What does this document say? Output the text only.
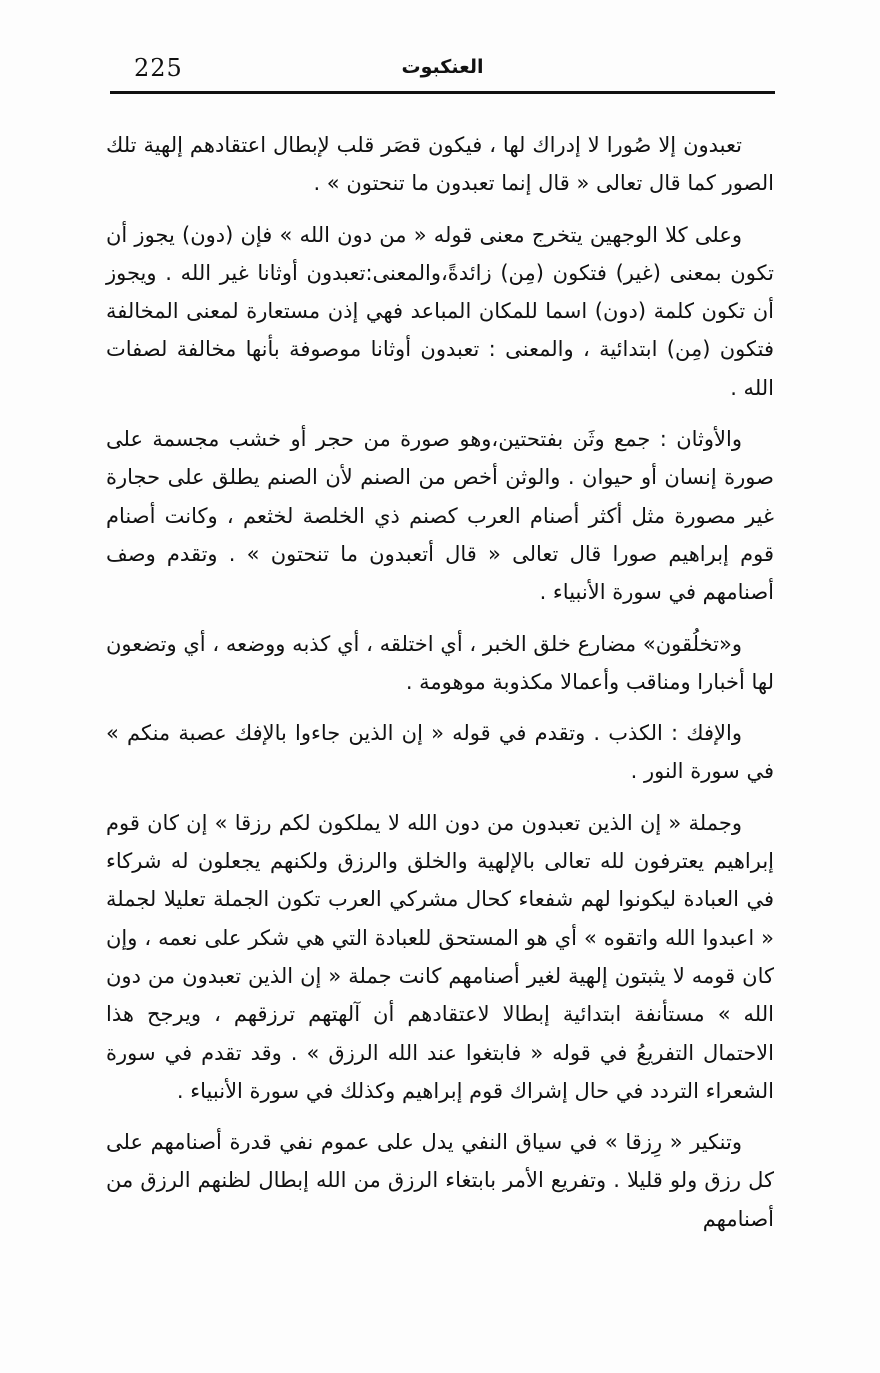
225	العنكبوت

تعبدون إلا صُورا لا إدراك لها ، فيكون قصَر قلب لإبطال اعتقادهم إلهية تلك الصور كما قال تعالى « قال إنما تعبدون ما تنحتون » .

وعلى كلا الوجهين يتخرج معنى قوله « من دون الله » فإن (دون) يجوز أن تكون بمعنى (غير) فتكون (مِن) زائدةً،والمعنى:تعبدون أوثانا غير الله . ويجوز أن تكون كلمة (دون) اسما للمكان المباعد فهي إذن مستعارة لمعنى المخالفة فتكون (مِن) ابتدائية ، والمعنى : تعبدون أوثانا موصوفة بأنها مخالفة لصفات الله .

والأوثان : جمع وثَن بفتحتين،وهو صورة من حجر أو خشب مجسمة على صورة إنسان أو حيوان . والوثن أخص من الصنم لأن الصنم يطلق على حجارة غير مصورة مثل أكثر أصنام العرب كصنم ذي الخلصة لخثعم ، وكانت أصنام قوم إبراهيم صورا قال تعالى « قال أتعبدون ما تنحتون » . وتقدم وصف أصنامهم في سورة الأنبياء .

و«تخلُقون» مضارع خلق الخبر ، أي اختلقه ، أي كذبه ووضعه ، أي وتضعون لها أخبارا ومناقب وأعمالا مكذوبة موهومة .

والإفك : الكذب . وتقدم في قوله « إن الذين جاءوا بالإفك عصبة منكم » في سورة النور .

وجملة « إن الذين تعبدون من دون الله لا يملكون لكم رزقا » إن كان قوم إبراهيم يعترفون لله تعالى بالإلهية والخلق والرزق ولكنهم يجعلون له شركاء في العبادة ليكونوا لهم شفعاء كحال مشركي العرب تكون الجملة تعليلا لجملة « اعبدوا الله واتقوه » أي هو المستحق للعبادة التي هي شكر على نعمه ، وإن كان قومه لا يثبتون إلهية لغير أصنامهم كانت جملة « إن الذين تعبدون من دون الله » مستأنفة ابتدائية إبطالا لاعتقادهم أن آلهتهم ترزقهم ، ويرجح هذا الاحتمال التفريعُ في قوله « فابتغوا عند الله الرزق » . وقد تقدم في سورة الشعراء التردد في حال إشراك قوم إبراهيم وكذلك في سورة الأنبياء .

وتنكير « رِزقا » في سياق النفي يدل على عموم نفي قدرة أصنامهم على كل رزق ولو قليلا . وتفريع الأمر بابتغاء الرزق من الله إبطال لظنهم الرزق من أصنامهم
